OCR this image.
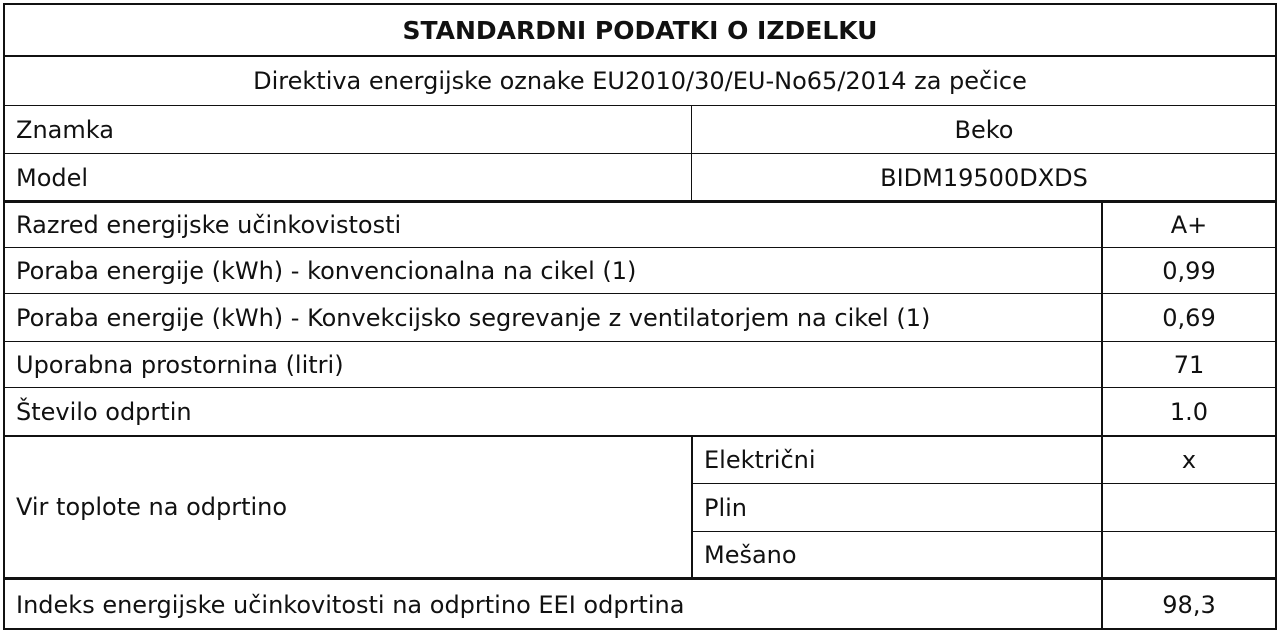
STANDARDNI PODATKI O IZDELKU
Direktiva energijske oznake EU2010/30/EU-No65/2014 za pečice
Znamka	Beko
Model	BIDM19500DXDS
Razred energijske učinkovistosti	A+
Poraba energije (kWh) - konvencionalna na cikel (1)	0,99
Poraba energije (kWh) - Konvekcijsko segrevanje z ventilatorjem na cikel (1)	0,69
Uporabna prostornina (litri)	71
Število odprtin	1.0
Vir toplote na odprtino
Električni	x
Plin
Mešano
Indeks energijske učinkovitosti na odprtino EEI odprtina	98,3
